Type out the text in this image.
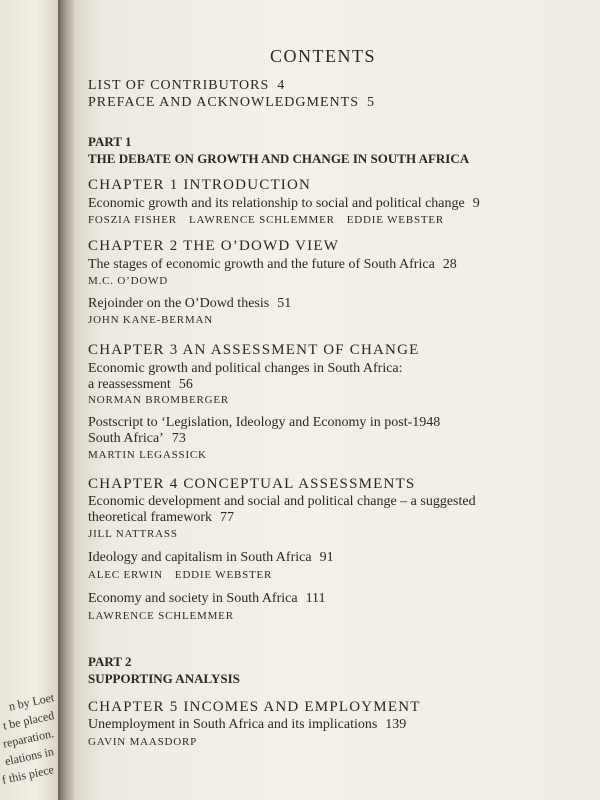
n by Loet
t be placed
reparation.
elations in
f this piece
CONTENTS
LIST OF CONTRIBUTORS 4
PREFACE AND ACKNOWLEDGMENTS 5
PART 1
THE DEBATE ON GROWTH AND CHANGE IN SOUTH AFRICA
CHAPTER 1 INTRODUCTION
Economic growth and its relationship to social and political change 9
FOSZIA FISHER LAWRENCE SCHLEMMER EDDIE WEBSTER
CHAPTER 2 THE O’DOWD VIEW
The stages of economic growth and the future of South Africa 28
M.C. O’DOWD
Rejoinder on the O’Dowd thesis 51
JOHN KANE-BERMAN
CHAPTER 3 AN ASSESSMENT OF CHANGE
Economic growth and political changes in South Africa:
a reassessment 56
NORMAN BROMBERGER
Postscript to ‘Legislation, Ideology and Economy in post-1948
South Africa’ 73
MARTIN LEGASSICK
CHAPTER 4 CONCEPTUAL ASSESSMENTS
Economic development and social and political change – a suggested
theoretical framework 77
JILL NATTRASS
Ideology and capitalism in South Africa 91
ALEC ERWIN EDDIE WEBSTER
Economy and society in South Africa 111
LAWRENCE SCHLEMMER
PART 2
SUPPORTING ANALYSIS
CHAPTER 5 INCOMES AND EMPLOYMENT
Unemployment in South Africa and its implications 139
GAVIN MAASDORP
